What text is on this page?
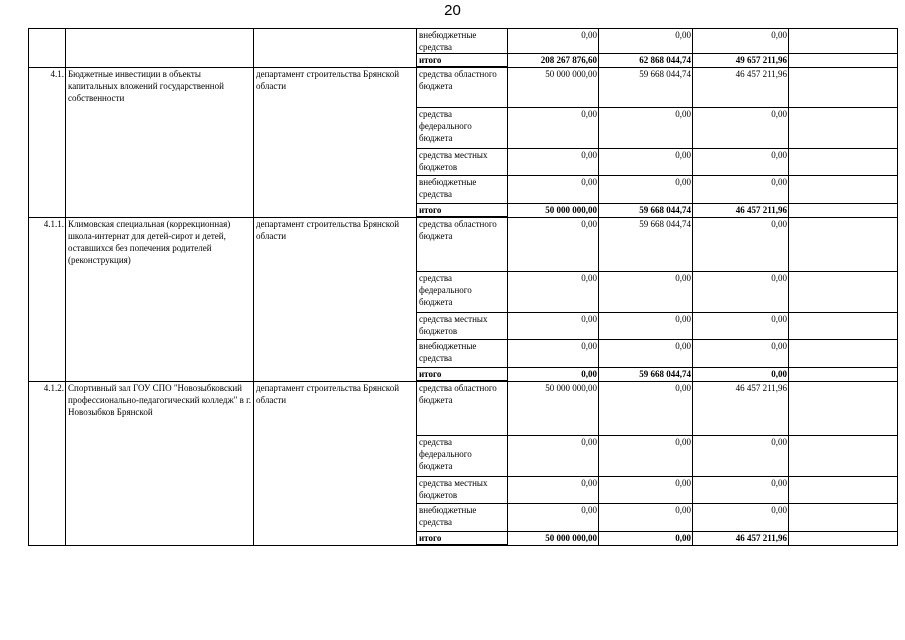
20
			внебюджетные средства	0,00	0,00	0,00	
			итого	208 267 876,60	62 868 044,74	49 657 211,96	
4.1.	Бюджетные инвестиции в объекты капитальных вложений государственной собственности	департамент строительства Брянской области	средства областного бюджета	50 000 000,00	59 668 044,74	46 457 211,96	
			средства федерального бюджета	0,00	0,00	0,00	
			средства местных бюджетов	0,00	0,00	0,00	
			внебюджетные средства	0,00	0,00	0,00	
			итого	50 000 000,00	59 668 044,74	46 457 211,96	
4.1.1.	Климовская специальная (коррекционная) школа-интернат для детей-сирот и детей, оставшихся без попечения родителей (реконструкция)	департамент строительства Брянской области	средства областного бюджета	0,00	59 668 044,74	0,00	
			средства федерального бюджета	0,00	0,00	0,00	
			средства местных бюджетов	0,00	0,00	0,00	
			внебюджетные средства	0,00	0,00	0,00	
			итого	0,00	59 668 044,74	0,00	
4.1.2.	Спортивный зал ГОУ СПО "Новозыбковский профессионально-педагогический колледж" в г. Новозыбков Брянской	департамент строительства Брянской области	средства областного бюджета	50 000 000,00	0,00	46 457 211,96	
			средства федерального бюджета	0,00	0,00	0,00	
			средства местных бюджетов	0,00	0,00	0,00	
			внебюджетные средства	0,00	0,00	0,00	
			итого	50 000 000,00	0,00	46 457 211,96	
